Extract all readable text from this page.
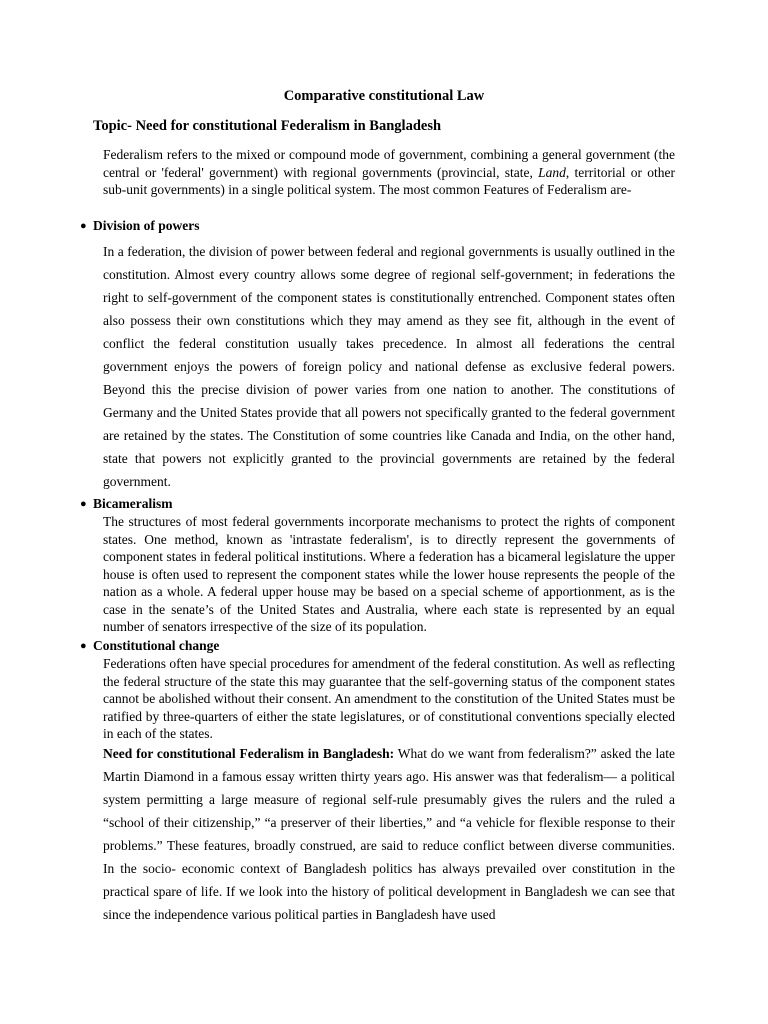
Comparative constitutional Law
Topic- Need for constitutional Federalism in Bangladesh

Federalism refers to the mixed or compound mode of government, combining a general government (the central or 'federal' government) with regional governments (provincial, state, Land, territorial or other sub-unit governments) in a single political system. The most common Features of Federalism are-

● Division of powers

In a federation, the division of power between federal and regional governments is usually outlined in the constitution. Almost every country allows some degree of regional self-government; in federations the right to self-government of the component states is constitutionally entrenched. Component states often also possess their own constitutions which they may amend as they see fit, although in the event of conflict the federal constitution usually takes precedence. In almost all federations the central government enjoys the powers of foreign policy and national defense as exclusive federal powers. Beyond this the precise division of power varies from one nation to another. The constitutions of Germany and the United States provide that all powers not specifically granted to the federal government are retained by the states. The Constitution of some countries like Canada and India, on the other hand, state that powers not explicitly granted to the provincial governments are retained by the federal government.

● Bicameralism

The structures of most federal governments incorporate mechanisms to protect the rights of component states. One method, known as 'intrastate federalism', is to directly represent the governments of component states in federal political institutions. Where a federation has a bicameral legislature the upper house is often used to represent the component states while the lower house represents the people of the nation as a whole. A federal upper house may be based on a special scheme of apportionment, as is the case in the senate’s of the United States and Australia, where each state is represented by an equal number of senators irrespective of the size of its population.

● Constitutional change

Federations often have special procedures for amendment of the federal constitution. As well as reflecting the federal structure of the state this may guarantee that the self-governing status of the component states cannot be abolished without their consent. An amendment to the constitution of the United States must be ratified by three-quarters of either the state legislatures, or of constitutional conventions specially elected in each of the states.

Need for constitutional Federalism in Bangladesh: What do we want from federalism?” asked the late Martin Diamond in a famous essay written thirty years ago. His answer was that federalism— a political system permitting a large measure of regional self-rule presumably gives the rulers and the ruled a “school of their citizenship,” “a preserver of their liberties,” and “a vehicle for flexible response to their problems.” These features, broadly construed, are said to reduce conflict between diverse communities. In the socio- economic context of Bangladesh politics has always prevailed over constitution in the practical spare of life. If we look into the history of political development in Bangladesh we can see that since the independence various political parties in Bangladesh have used
